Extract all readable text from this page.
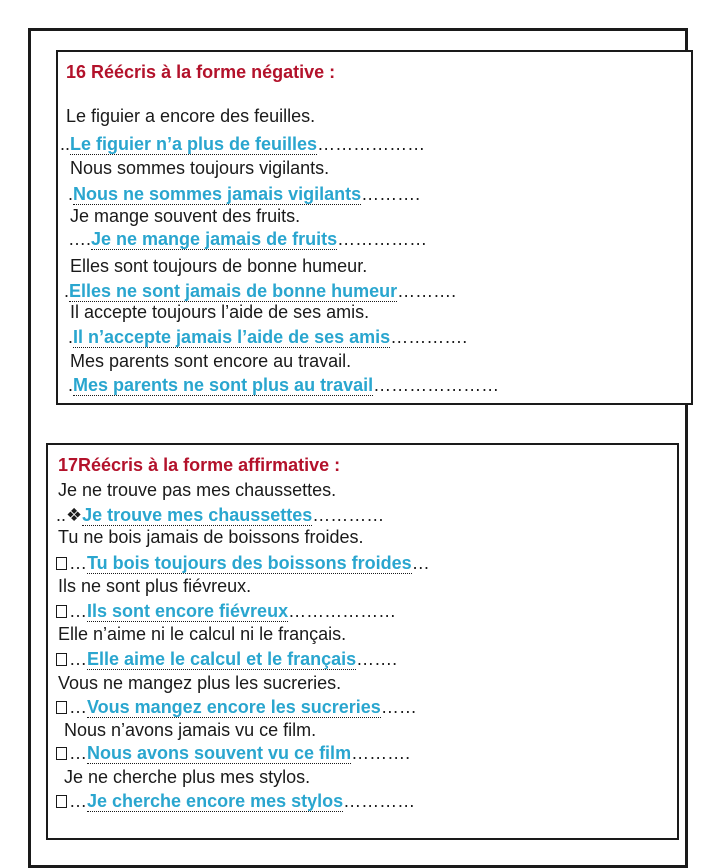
16 Réécris à la forme négative :
Le figuier a encore des feuilles.
..Le figuier n’a plus de feuilles………………
Nous sommes toujours vigilants.
.Nous ne sommes jamais vigilants……….
Je mange souvent des fruits.
….Je ne mange jamais de fruits……………
Elles sont toujours de bonne humeur.
.Elles ne sont jamais de bonne humeur……….
Il accepte toujours l’aide de ses amis.
.Il n’accepte jamais l’aide de ses amis………….
Mes parents sont encore au travail.
.Mes parents ne sont plus au travail…………………
17Réécris à la forme affirmative :
Je ne trouve pas mes chaussettes.
..❖Je trouve mes chaussettes…………
Tu ne bois jamais de boissons froides.
…Tu bois toujours des boissons froides…
Ils ne sont plus fiévreux.
…Ils sont encore fiévreux………………
Elle n’aime ni le calcul ni le français.
…Elle aime le calcul et le français…….
Vous ne mangez plus les sucreries.
…Vous mangez encore les sucreries……
Nous n’avons jamais vu ce film.
…Nous avons souvent vu ce film……….
Je ne cherche plus mes stylos.
…Je cherche encore mes stylos…………
